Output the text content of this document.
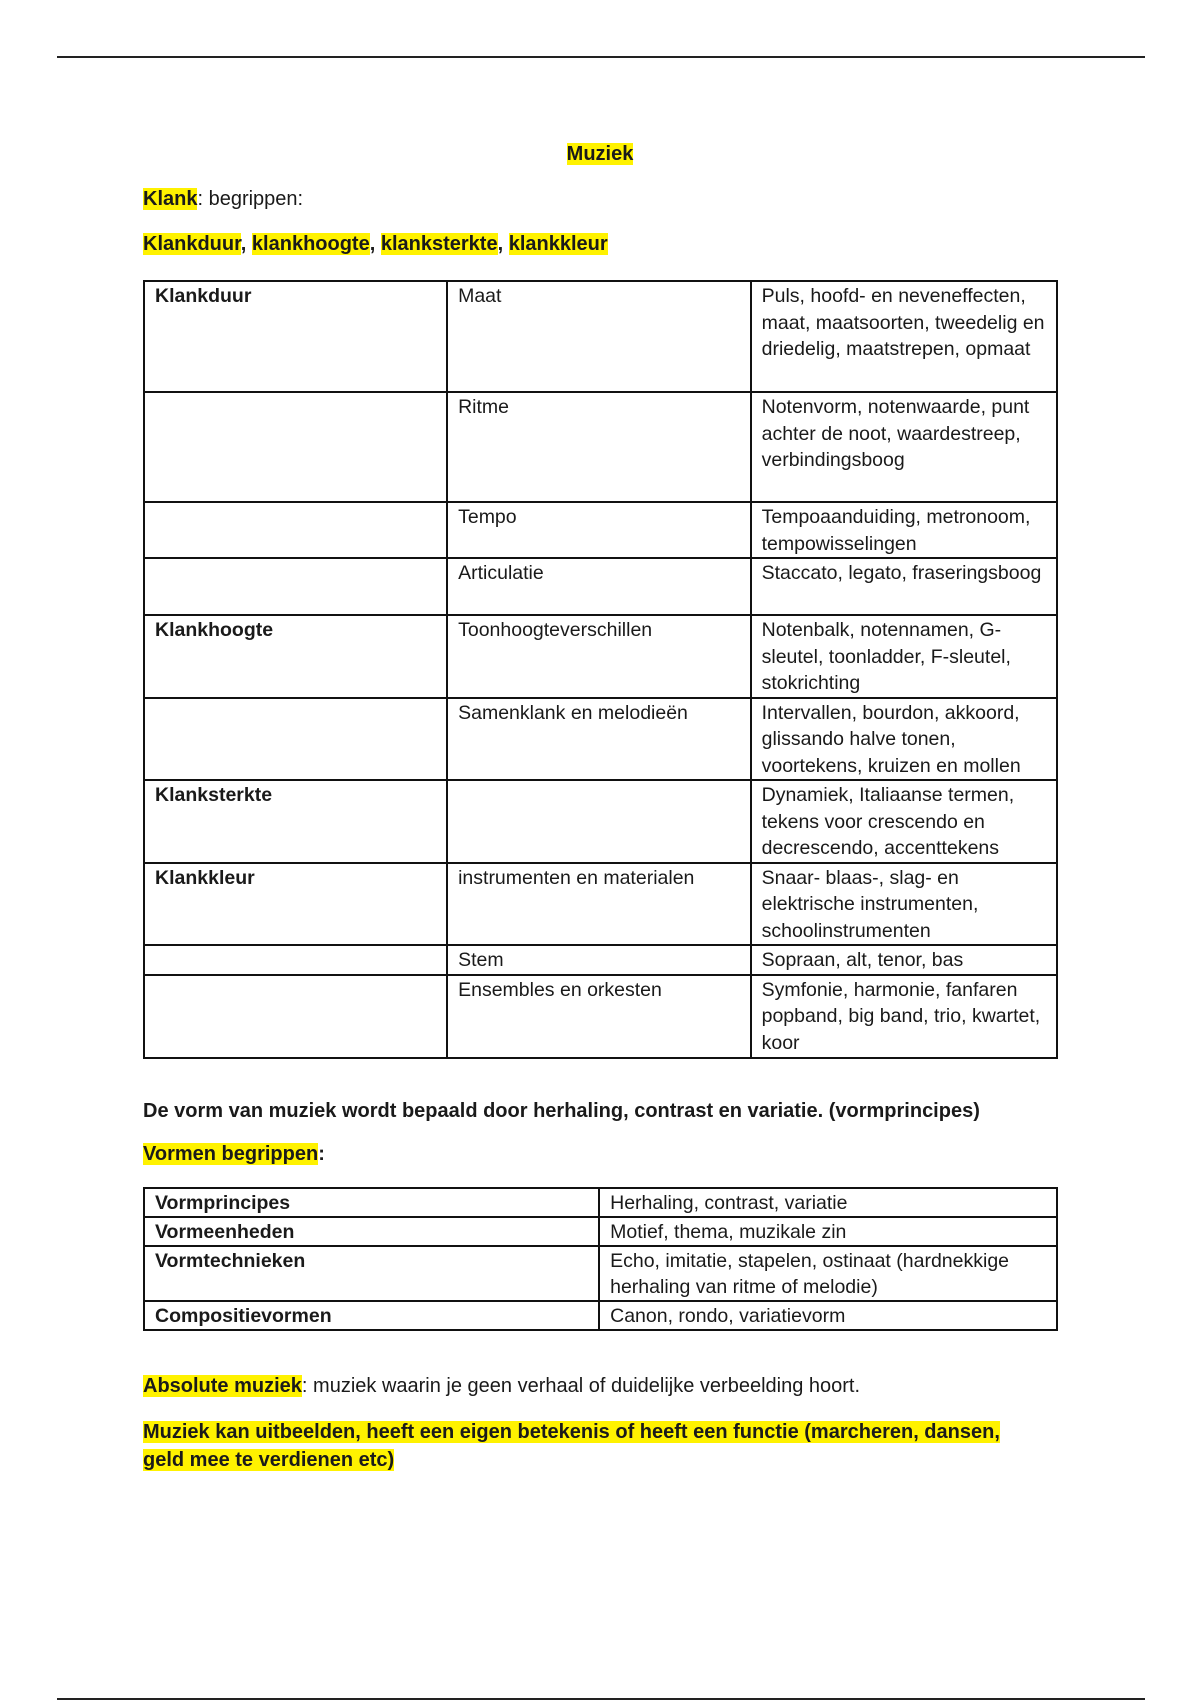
Muziek
Klank: begrippen:
Klankduur, klankhoogte, klanksterkte, klankkleur
Klankduur	Maat	Puls, hoofd- en neveneffecten, maat, maatsoorten, tweedelig en driedelig, maatstrepen, opmaat
	Ritme	Notenvorm, notenwaarde, punt achter de noot, waardestreep, verbindingsboog
	Tempo	Tempoaanduiding, metronoom, tempowisselingen
	Articulatie	Staccato, legato, fraseringsboog
Klankhoogte	Toonhoogteverschillen	Notenbalk, notennamen, G-sleutel, toonladder, F-sleutel, stokrichting
	Samenklank en melodieën	Intervallen, bourdon, akkoord, glissando halve tonen, voortekens, kruizen en mollen
Klanksterkte		Dynamiek, Italiaanse termen, tekens voor crescendo en decrescendo, accenttekens
Klankkleur	instrumenten en materialen	Snaar- blaas-, slag- en elektrische instrumenten, schoolinstrumenten
	Stem	Sopraan, alt, tenor, bas
	Ensembles en orkesten	Symfonie, harmonie, fanfaren popband, big band, trio, kwartet, koor
De vorm van muziek wordt bepaald door herhaling, contrast en variatie. (vormprincipes)
Vormen begrippen:
Vormprincipes	Herhaling, contrast, variatie
Vormeenheden	Motief, thema, muzikale zin
Vormtechnieken	Echo, imitatie, stapelen, ostinaat (hardnekkige herhaling van ritme of melodie)
Compositievormen	Canon, rondo, variatievorm
Absolute muziek: muziek waarin je geen verhaal of duidelijke verbeelding hoort.
Muziek kan uitbeelden, heeft een eigen betekenis of heeft een functie (marcheren, dansen, geld mee te verdienen etc)
